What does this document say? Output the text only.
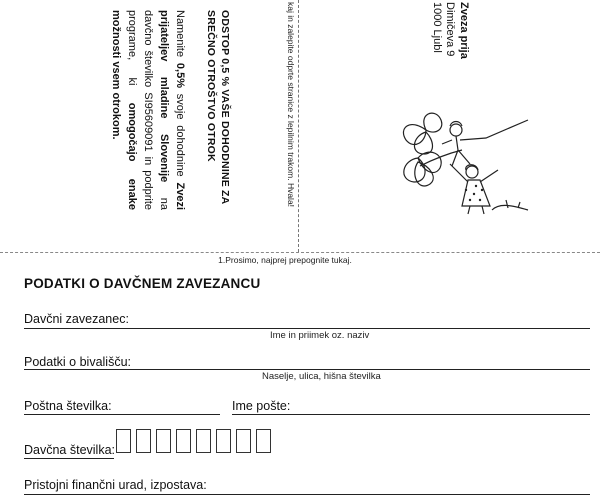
ODSTOP 0,5 % VAŠE DOHODNINE ZA SREČNO OTROŠTVO OTROK
Namenite 0,5% svoje dohodnine Zvezi prijateljev mladine Slovenije na davčno številko SI95609091 in podprite programe, ki omogočajo enake možnosti vsem otrokom.	kaj in zalepite odprte stranice z lepilnim trakom. Hvala!	Zveza prija
Dimičeva 9
1000 Ljubl
1.Prosimo, najprej prepognite tukaj.
PODATKI O DAVČNEM ZAVEZANCU
Davčni zavezanec:
Ime in priimek oz. naziv
Podatki o bivališču:
Naselje, ulica, hišna številka
Poštna številka:	Ime pošte:
Davčna številka:
Pristojni finančni urad, izpostava:
